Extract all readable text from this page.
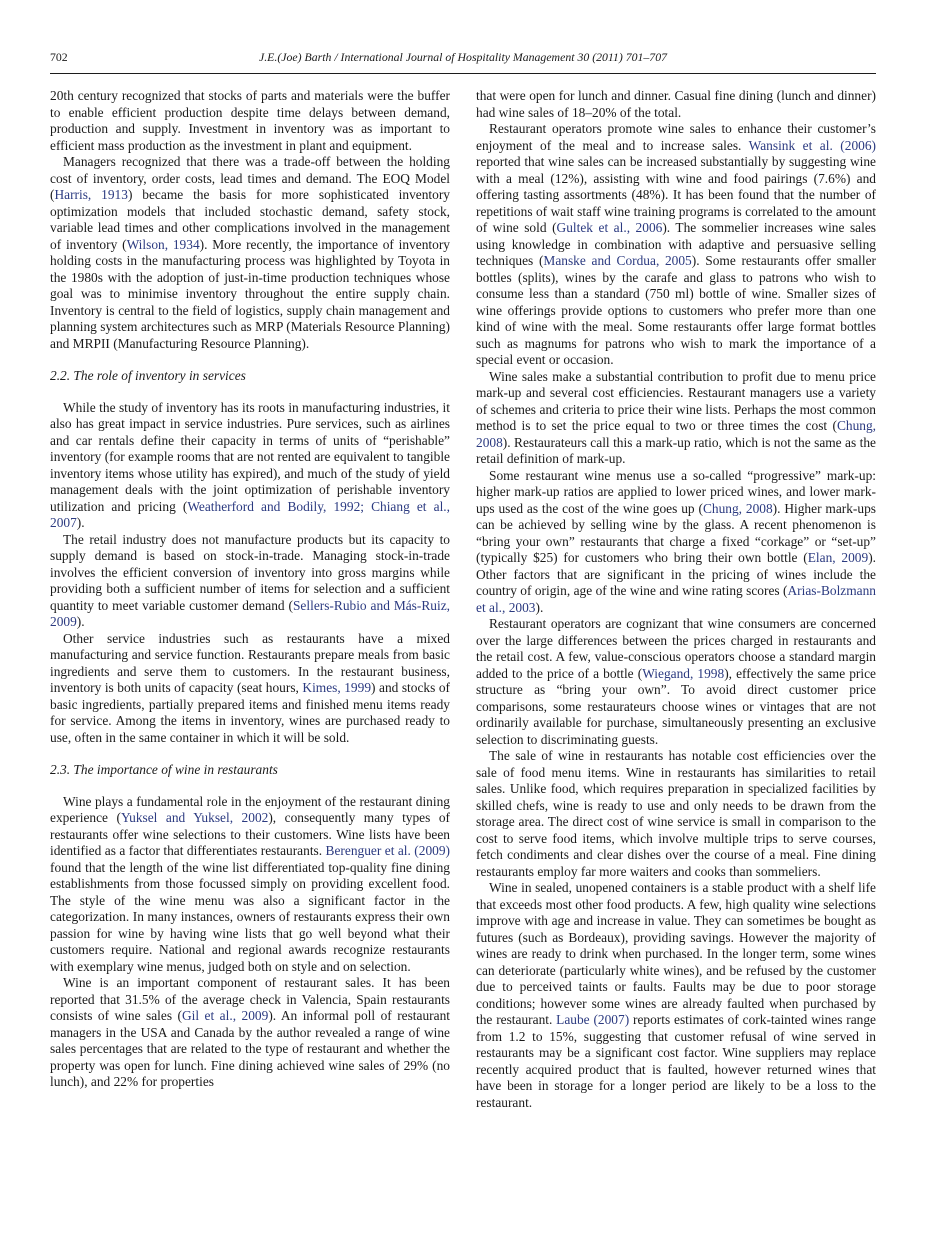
702	J.E.(Joe) Barth / International Journal of Hospitality Management 30 (2011) 701–707

20th century recognized that stocks of parts and materials were the buffer to enable efficient production despite time delays between demand, production and supply. Investment in inventory was as important to efficient mass production as the investment in plant and equipment.

Managers recognized that there was a trade-off between the holding cost of inventory, order costs, lead times and demand. The EOQ Model (Harris, 1913) became the basis for more sophisticated inventory optimization models that included stochastic demand, safety stock, variable lead times and other complications involved in the management of inventory (Wilson, 1934). More recently, the importance of inventory holding costs in the manufacturing process was highlighted by Toyota in the 1980s with the adoption of just-in-time production techniques whose goal was to minimise inventory throughout the entire supply chain. Inventory is central to the field of logistics, supply chain management and planning system architectures such as MRP (Materials Resource Planning) and MRPII (Manufacturing Resource Planning).

2.2. The role of inventory in services

While the study of inventory has its roots in manufacturing industries, it also has great impact in service industries. Pure services, such as airlines and car rentals define their capacity in terms of units of “perishable” inventory (for example rooms that are not rented are equivalent to tangible inventory items whose utility has expired), and much of the study of yield management deals with the joint optimization of perishable inventory utilization and pricing (Weatherford and Bodily, 1992; Chiang et al., 2007).

The retail industry does not manufacture products but its capacity to supply demand is based on stock-in-trade. Managing stock-in-trade involves the efficient conversion of inventory into gross margins while providing both a sufficient number of items for selection and a sufficient quantity to meet variable customer demand (Sellers-Rubio and Más-Ruiz, 2009).

Other service industries such as restaurants have a mixed manufacturing and service function. Restaurants prepare meals from basic ingredients and serve them to customers. In the restaurant business, inventory is both units of capacity (seat hours, Kimes, 1999) and stocks of basic ingredients, partially prepared items and finished menu items ready for service. Among the items in inventory, wines are purchased ready to use, often in the same container in which it will be sold.

2.3. The importance of wine in restaurants

Wine plays a fundamental role in the enjoyment of the restaurant dining experience (Yuksel and Yuksel, 2002), consequently many types of restaurants offer wine selections to their customers. Wine lists have been identified as a factor that differentiates restaurants. Berenguer et al. (2009) found that the length of the wine list differentiated top-quality fine dining establishments from those focussed simply on providing excellent food. The style of the wine menu was also a significant factor in the categorization. In many instances, owners of restaurants express their own passion for wine by having wine lists that go well beyond what their customers require. National and regional awards recognize restaurants with exemplary wine menus, judged both on style and on selection.

Wine is an important component of restaurant sales. It has been reported that 31.5% of the average check in Valencia, Spain restaurants consists of wine sales (Gil et al., 2009). An informal poll of restaurant managers in the USA and Canada by the author revealed a range of wine sales percentages that are related to the type of restaurant and whether the property was open for lunch. Fine dining achieved wine sales of 29% (no lunch), and 22% for properties

that were open for lunch and dinner. Casual fine dining (lunch and dinner) had wine sales of 18–20% of the total.

Restaurant operators promote wine sales to enhance their customer’s enjoyment of the meal and to increase sales. Wansink et al. (2006) reported that wine sales can be increased substantially by suggesting wine with a meal (12%), assisting with wine and food pairings (7.6%) and offering tasting assortments (48%). It has been found that the number of repetitions of wait staff wine training programs is correlated to the amount of wine sold (Gultek et al., 2006). The sommelier increases wine sales using knowledge in combination with adaptive and persuasive selling techniques (Manske and Cordua, 2005). Some restaurants offer smaller bottles (splits), wines by the carafe and glass to patrons who wish to consume less than a standard (750 ml) bottle of wine. Smaller sizes of wine offerings provide options to customers who prefer more than one kind of wine with the meal. Some restaurants offer large format bottles such as magnums for patrons who wish to mark the importance of a special event or occasion.

Wine sales make a substantial contribution to profit due to menu price mark-up and several cost efficiencies. Restaurant managers use a variety of schemes and criteria to price their wine lists. Perhaps the most common method is to set the price equal to two or three times the cost (Chung, 2008). Restaurateurs call this a mark-up ratio, which is not the same as the retail definition of mark-up.

Some restaurant wine menus use a so-called “progressive” mark-up: higher mark-up ratios are applied to lower priced wines, and lower mark-ups used as the cost of the wine goes up (Chung, 2008). Higher mark-ups can be achieved by selling wine by the glass. A recent phenomenon is “bring your own” restaurants that charge a fixed “corkage” or “set-up” (typically $25) for customers who bring their own bottle (Elan, 2009). Other factors that are significant in the pricing of wines include the country of origin, age of the wine and wine rating scores (Arias-Bolzmann et al., 2003).

Restaurant operators are cognizant that wine consumers are concerned over the large differences between the prices charged in restaurants and the retail cost. A few, value-conscious operators choose a standard margin added to the price of a bottle (Wiegand, 1998), effectively the same price structure as “bring your own”. To avoid direct customer price comparisons, some restaurateurs choose wines or vintages that are not ordinarily available for purchase, simultaneously presenting an exclusive selection to discriminating guests.

The sale of wine in restaurants has notable cost efficiencies over the sale of food menu items. Wine in restaurants has similarities to retail sales. Unlike food, which requires preparation in specialized facilities by skilled chefs, wine is ready to use and only needs to be drawn from the storage area. The direct cost of wine service is small in comparison to the cost to serve food items, which involve multiple trips to serve courses, fetch condiments and clear dishes over the course of a meal. Fine dining restaurants employ far more waiters and cooks than sommeliers.

Wine in sealed, unopened containers is a stable product with a shelf life that exceeds most other food products. A few, high quality wine selections improve with age and increase in value. They can sometimes be bought as futures (such as Bordeaux), providing savings. However the majority of wines are ready to drink when purchased. In the longer term, some wines can deteriorate (particularly white wines), and be refused by the customer due to perceived taints or faults. Faults may be due to poor storage conditions; however some wines are already faulted when purchased by the restaurant. Laube (2007) reports estimates of cork-tainted wines range from 1.2 to 15%, suggesting that customer refusal of wine served in restaurants may be a significant cost factor. Wine suppliers may replace recently acquired product that is faulted, however returned wines that have been in storage for a longer period are likely to be a loss to the restaurant.
